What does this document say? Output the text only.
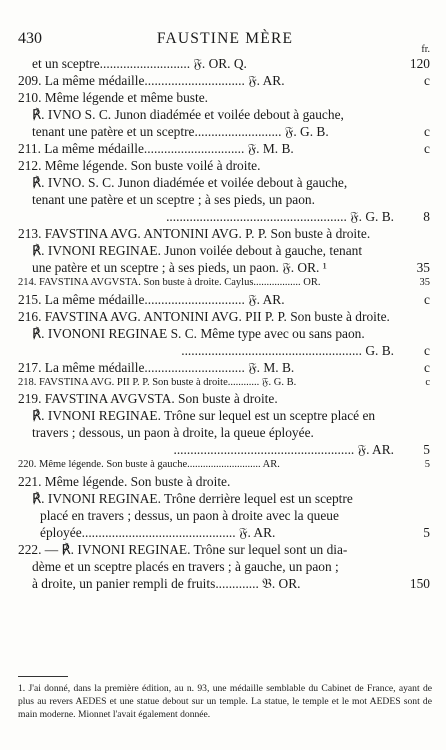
430	FAUSTINE MÈRE
fr.
et un sceptre........................... 𝔉. OR. Q.	120
209. La même médaille.............................. 𝔉. AR.	c
210. Même légende et même buste.
℟. IVNO S. C. Junon diadémée et voilée debout à gauche,
tenant une patère et un sceptre.......................... 𝔉. G. B.	c
211. La même médaille.............................. 𝔉. M. B.	c
212. Même légende. Son buste voilé à droite.
℟. IVNO. S. C. Junon diadémée et voilée debout à gauche,
tenant une patère et un sceptre ; à ses pieds, un paon.
...................................................... 𝔉. G. B. 8
213. FAVSTINA AVG. ANTONINI AVG. P. P. Son buste à droite.
℟. IVNONI REGINAE. Junon voilée debout à gauche, tenant
une patère et un sceptre ; à ses pieds, un paon. 𝔉. OR. ¹	35
214. FAVSTINA AVGVSTA. Son buste à droite. Caylus.................. OR.	35
215. La même médaille.............................. 𝔉. AR.	c
216. FAVSTINA AVG. ANTONINI AVG. PII P. P. Son buste à droite.
℟. IVONONI REGINAE S. C. Même type avec ou sans paon.
...................................................... G. B. c
217. La même médaille.............................. 𝔉. M. B.	c
218. FAVSTINA AVG. PII P. P. Son buste à droite............ 𝔉. G. B.	c
219. FAVSTINA AVGVSTA. Son buste à droite.
℟. IVNONI REGINAE. Trône sur lequel est un sceptre placé en
travers ; dessous, un paon à droite, la queue éployée.
...................................................... 𝔉. AR. 5
220. Même légende. Son buste à gauche............................ AR.	5
221. Même légende. Son buste à droite.
℟. IVNONI REGINAE. Trône derrière lequel est un sceptre
placé en travers ; dessus, un paon à droite avec la queue
éployée.............................................. 𝔉. AR.	5
222. — ℟. IVNONI REGINAE. Trône sur lequel sont un dia-
dème et un sceptre placés en travers ; à gauche, un paon ;
à droite, un panier rempli de fruits............. 𝔅. OR.	150
1. J'ai donné, dans la première édition, au n. 93, une médaille semblable du Cabinet de France, ayant de plus au revers AEDES et une statue debout sur un temple. La statue, le temple et le mot AEDES sont de main moderne. Mionnet l'avait également donnée.
